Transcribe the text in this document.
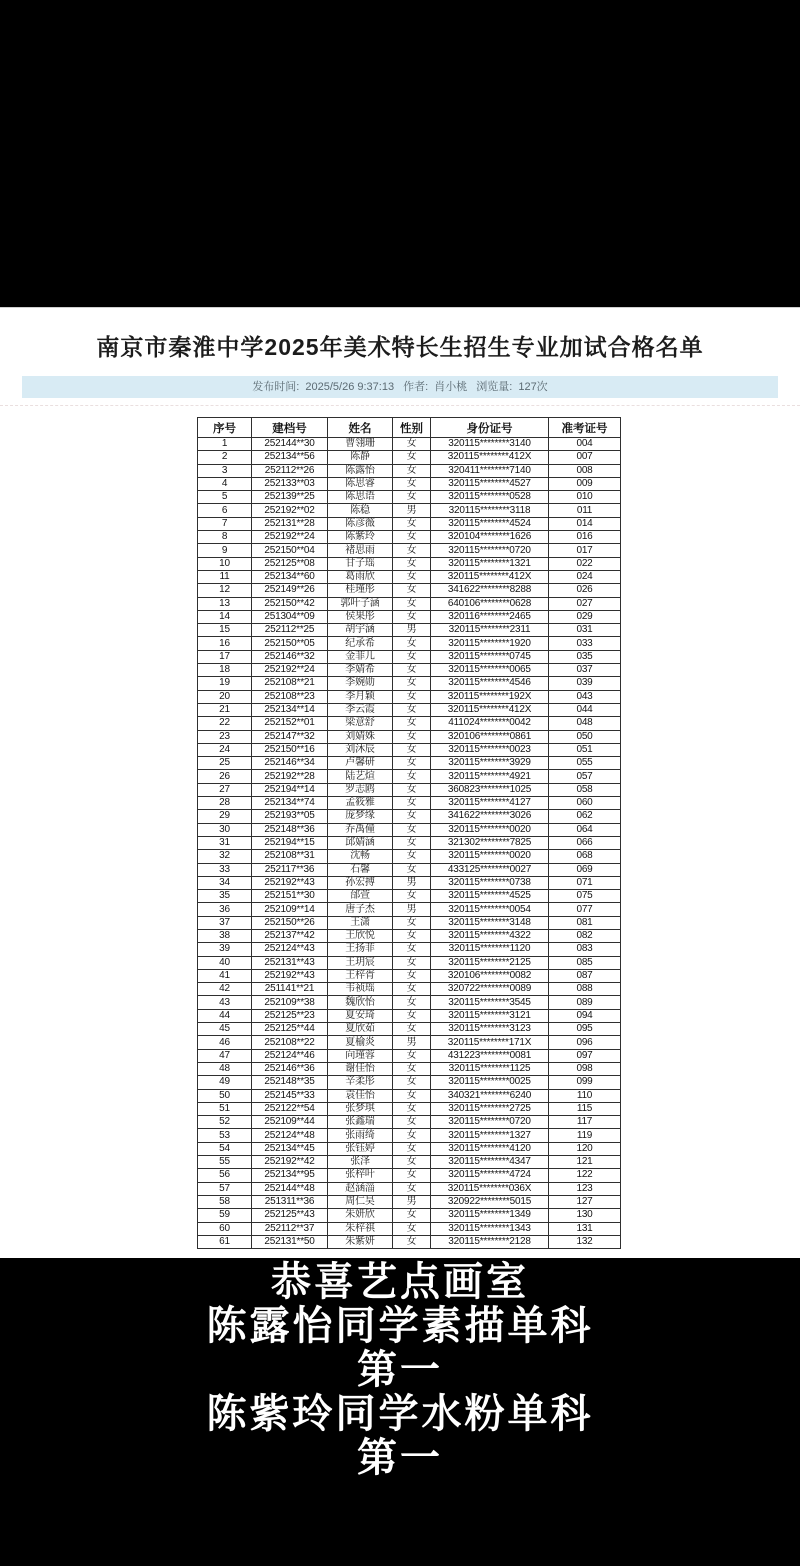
南京市秦淮中学2025年美术特长生招生专业加试合格名单
发布时间: 2025/5/26 9:37:13 作者: 肖小桃 浏览量: 127次
序号	建档号	姓名	性别	身份证号	准考证号
1	252144**30	曹翎珊	女	320115********3140	004
2	252134**56	陈静	女	320115********412X	007
3	252112**26	陈露怡	女	320411********7140	008
4	252133**03	陈思睿	女	320115********4527	009
5	252139**25	陈思语	女	320115********0528	010
6	252192**02	陈稳	男	320115********3118	011
7	252131**28	陈彦薇	女	320115********4524	014
8	252192**24	陈紫玲	女	320104********1626	016
9	252150**04	褚思雨	女	320115********0720	017
10	252125**08	甘子瑶	女	320115********1321	022
11	252134**60	葛雨欣	女	320115********412X	024
12	252149**26	桂瑾彤	女	341622********8288	026
13	252150**42	郭叶子涵	女	640106********0628	027
14	251304**09	侯果彤	女	320116********2465	029
15	252112**25	胡宇涵	男	320115********2311	031
16	252150**05	纪承希	女	320115********1920	033
17	252146**32	金菲儿	女	320115********0745	035
18	252192**24	李婧希	女	320115********0065	037
19	252108**21	李婉勋	女	320115********4546	039
20	252108**23	李月颖	女	320115********192X	043
21	252134**14	李云霞	女	320115********412X	044
22	252152**01	梁意舒	女	411024********0042	048
23	252147**32	刘婧姝	女	320106********0861	050
24	252150**16	刘沐辰	女	320115********0023	051
25	252146**34	卢馨研	女	320115********3929	055
26	252192**28	陆艺煊	女	320115********4921	057
27	252194**14	罗志鸥	女	360823********1025	058
28	252134**74	孟筱雅	女	320115********4127	060
29	252193**05	庞梦缘	女	341622********3026	062
30	252148**36	乔禹僮	女	320115********0020	064
31	252194**15	邱婧涵	女	321302********7825	066
32	252108**31	沈畅	女	320115********0020	068
33	252117**36	石馨	女	433125********0027	069
34	252192**43	孙宏搏	男	320115********0738	071
35	252151**30	邰萱	女	320115********4525	075
36	252109**14	唐子杰	男	320115********0054	077
37	252150**26	王潇	女	320115********3148	081
38	252137**42	王欣悦	女	320115********4322	082
39	252124**43	王扬菲	女	320115********1120	083
40	252131**43	王玥宸	女	320115********2125	085
41	252192**43	王梓胥	女	320106********0082	087
42	251141**21	韦祯瑶	女	320722********0089	088
43	252109**38	魏欣怡	女	320115********3545	089
44	252125**23	夏安琦	女	320115********3121	094
45	252125**44	夏欣茹	女	320115********3123	095
46	252108**22	夏榆炎	男	320115********171X	096
47	252124**46	向瑾蓉	女	431223********0081	097
48	252146**36	谢佳怡	女	320115********1125	098
49	252148**35	辛柔彤	女	320115********0025	099
50	252145**33	袁佳怡	女	340321********6240	110
51	252122**54	张梦琪	女	320115********2725	115
52	252109**44	张鑫瑞	女	320115********0720	117
53	252124**48	张雨绮	女	320115********1327	119
54	252134**45	张钰婷	女	320115********4120	120
55	252192**42	张泽	女	320115********4347	121
56	252134**95	张梓叶	女	320115********4724	122
57	252144**48	赵涵淄	女	320115********036X	123
58	251311**36	周仁昊	男	320922********5015	127
59	252125**43	朱妍欣	女	320115********1349	130
60	252112**37	朱梓祺	女	320115********1343	131
61	252131**50	朱紫妍	女	320115********2128	132
恭喜艺点画室
陈露怡同学素描单科
第一
陈紫玲同学水粉单科
第一
